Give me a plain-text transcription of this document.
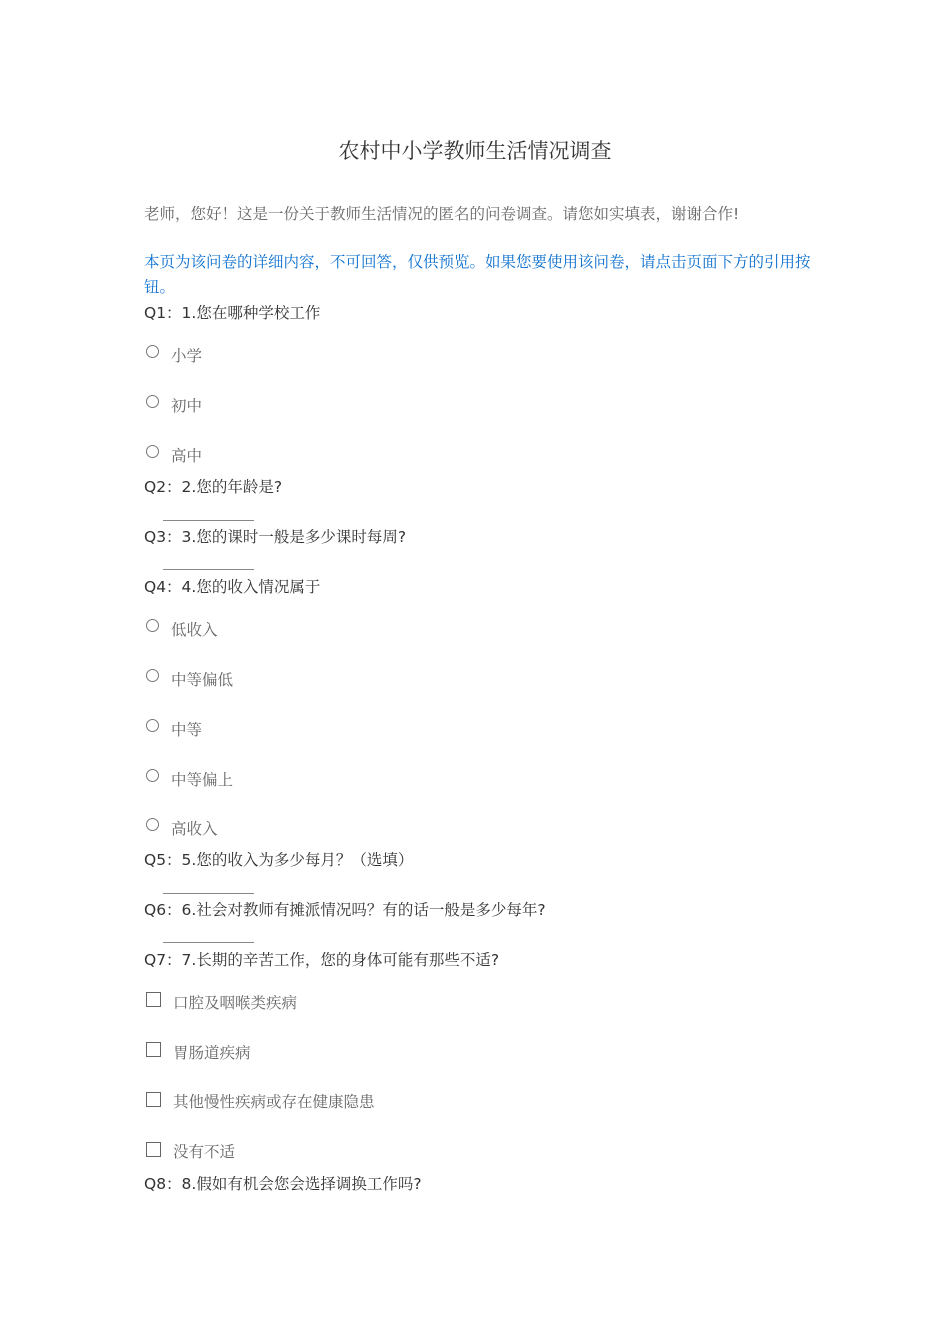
农村中小学教师生活情况调查
老师，您好！这是一份关于教师生活情况的匿名的问卷调查。请您如实填表，谢谢合作!
本页为该问卷的详细内容，不可回答，仅供预览。如果您要使用该问卷，请点击页面下方的引用按钮。
Q1：1.您在哪种学校工作
小学
初中
高中
Q2：2.您的年龄是?
Q3：3.您的课时一般是多少课时每周?
Q4：4.您的收入情况属于
低收入
中等偏低
中等
中等偏上
高收入
Q5：5.您的收入为多少每月？（选填）
Q6：6.社会对教师有摊派情况吗？有的话一般是多少每年?
Q7：7.长期的辛苦工作，您的身体可能有那些不适?
口腔及咽喉类疾病
胃肠道疾病
其他慢性疾病或存在健康隐患
没有不适
Q8：8.假如有机会您会选择调换工作吗?
